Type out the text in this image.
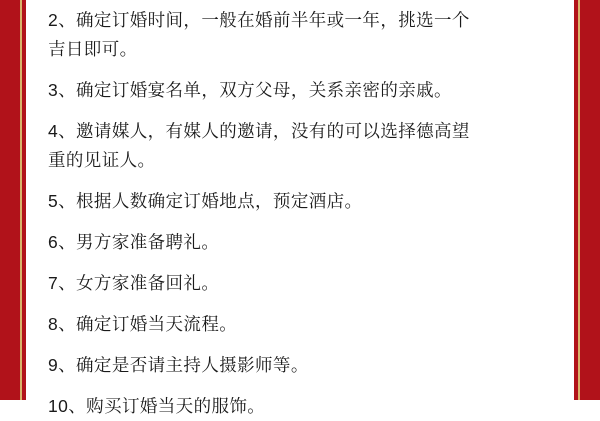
2、确定订婚时间，一般在婚前半年或一年，挑选一个
吉日即可。
3、确定订婚宴名单，双方父母，关系亲密的亲戚。
4、邀请媒人，有媒人的邀请，没有的可以选择德高望
重的见证人。
5、根据人数确定订婚地点，预定酒店。
6、男方家准备聘礼。
7、女方家准备回礼。
8、确定订婚当天流程。
9、确定是否请主持人摄影师等。
10、购买订婚当天的服饰。
